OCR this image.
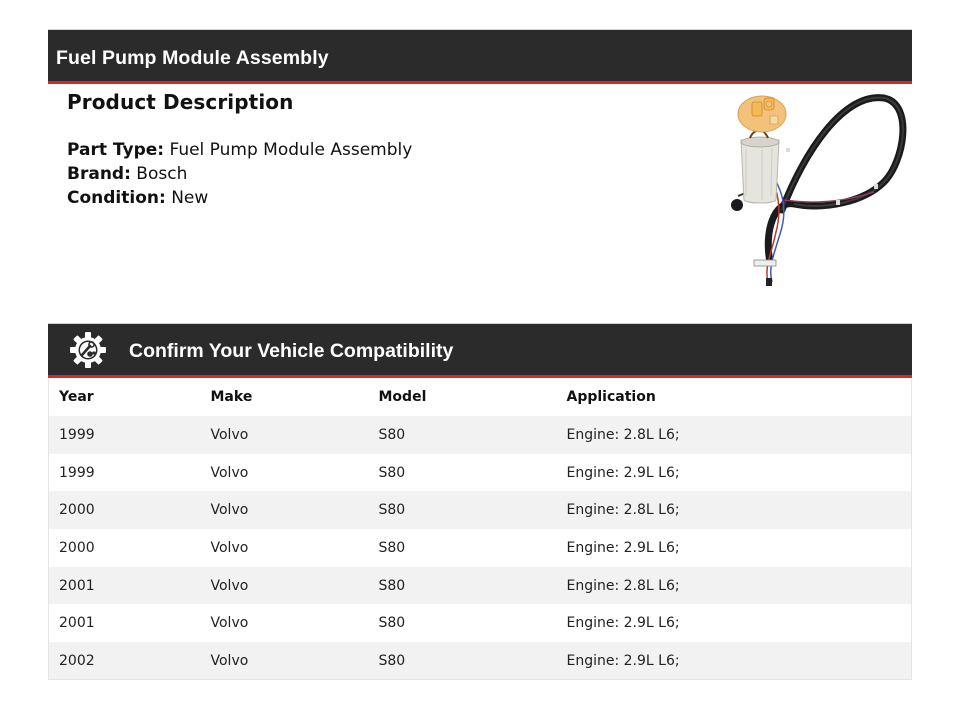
Fuel Pump Module Assembly
Product Description
Part Type: Fuel Pump Module Assembly
Brand: Bosch
Condition: New
Confirm Your Vehicle Compatibility
Year	Make	Model	Application
1999	Volvo	S80	Engine: 2.8L L6;
1999	Volvo	S80	Engine: 2.9L L6;
2000	Volvo	S80	Engine: 2.8L L6;
2000	Volvo	S80	Engine: 2.9L L6;
2001	Volvo	S80	Engine: 2.8L L6;
2001	Volvo	S80	Engine: 2.9L L6;
2002	Volvo	S80	Engine: 2.9L L6;
